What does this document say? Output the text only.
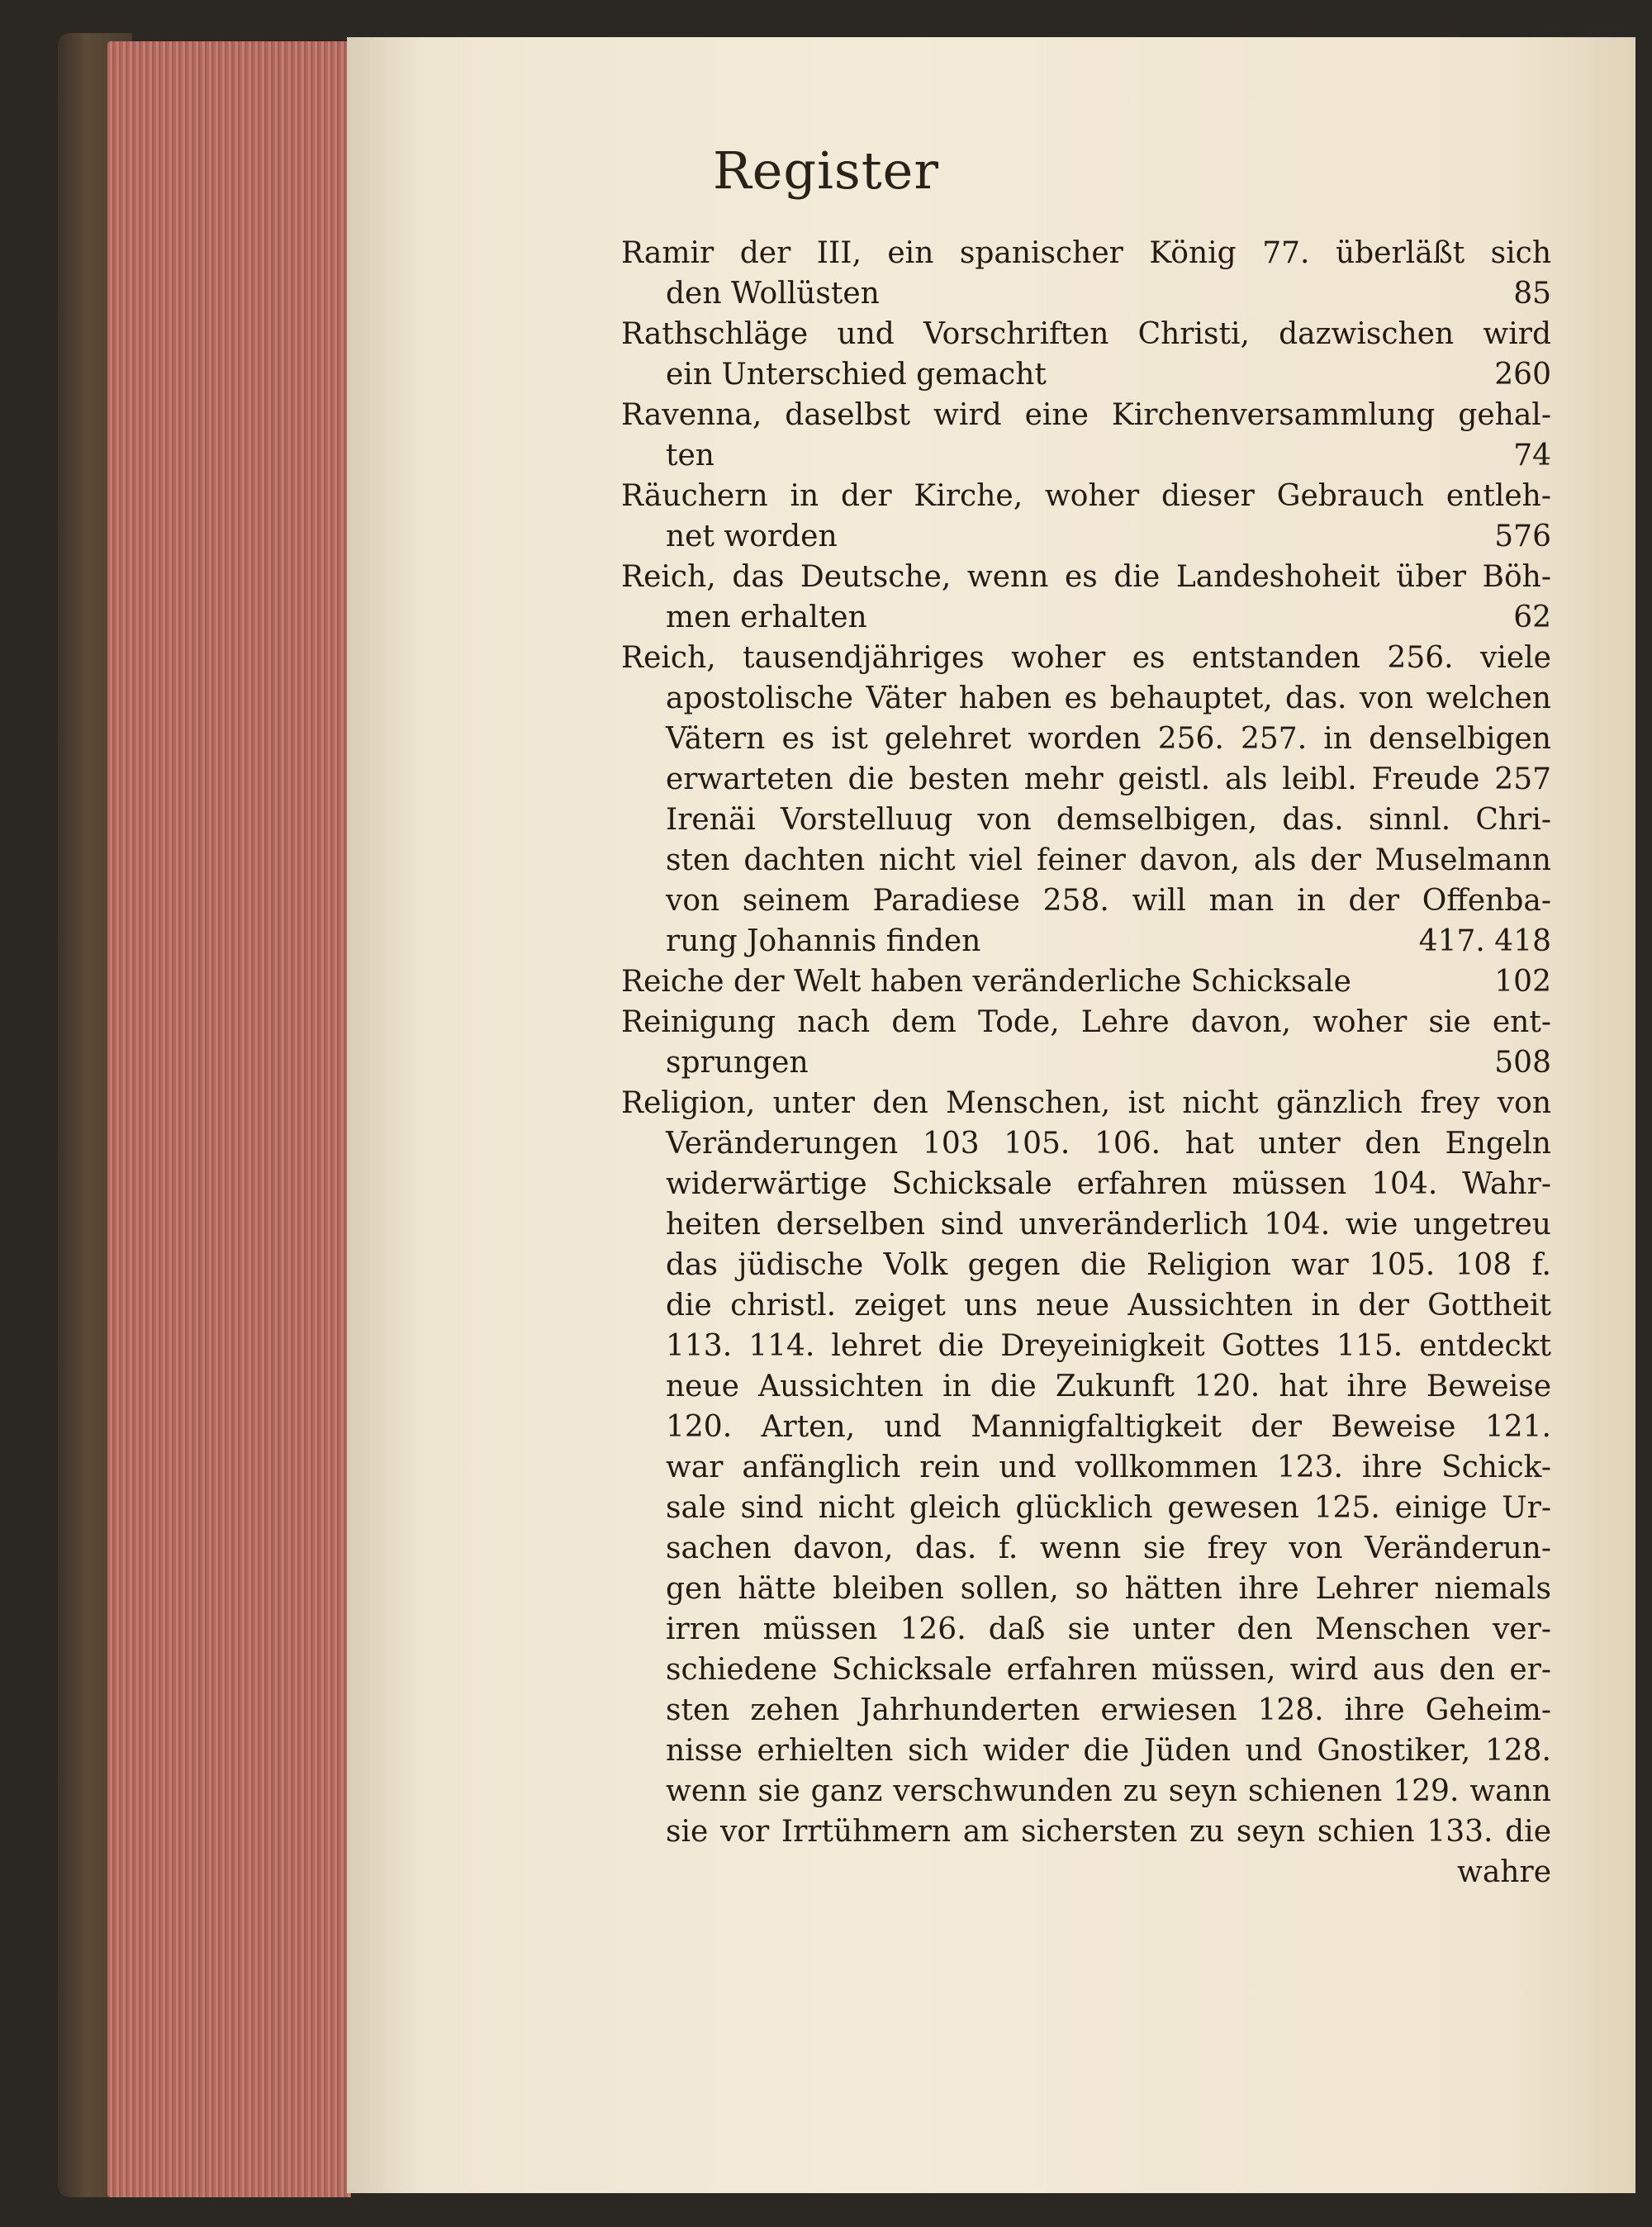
Register
Ramir der III, ein spanischer König 77. überläßt sich
den Wollüsten	85
Rathschläge und Vorschriften Christi, dazwischen wird
ein Unterschied gemacht	260
Ravenna, daselbst wird eine Kirchenversammlung gehal-
ten	74
Räuchern in der Kirche, woher dieser Gebrauch entleh-
net worden	576
Reich, das Deutsche, wenn es die Landeshoheit über Böh-
men erhalten	62
Reich, tausendjähriges woher es entstanden 256. viele
apostolische Väter haben es behauptet, das. von welchen
Vätern es ist gelehret worden 256. 257. in denselbigen
erwarteten die besten mehr geistl. als leibl. Freude 257
Irenäi Vorstelluug von demselbigen, das. sinnl. Chri-
sten dachten nicht viel feiner davon, als der Muselmann
von seinem Paradiese 258. will man in der Offenba-
rung Johannis finden	417. 418
Reiche der Welt haben veränderliche Schicksale	102
Reinigung nach dem Tode, Lehre davon, woher sie ent-
sprungen	508
Religion, unter den Menschen, ist nicht gänzlich frey von
Veränderungen 103 105. 106. hat unter den Engeln
widerwärtige Schicksale erfahren müssen 104. Wahr-
heiten derselben sind unveränderlich 104. wie ungetreu
das jüdische Volk gegen die Religion war 105. 108 f.
die christl. zeiget uns neue Aussichten in der Gottheit
113. 114. lehret die Dreyeinigkeit Gottes 115. entdeckt
neue Aussichten in die Zukunft 120. hat ihre Beweise
120. Arten, und Mannigfaltigkeit der Beweise 121.
war anfänglich rein und vollkommen 123. ihre Schick-
sale sind nicht gleich glücklich gewesen 125. einige Ur-
sachen davon, das. f. wenn sie frey von Veränderun-
gen hätte bleiben sollen, so hätten ihre Lehrer niemals
irren müssen 126. daß sie unter den Menschen ver-
schiedene Schicksale erfahren müssen, wird aus den er-
sten zehen Jahrhunderten erwiesen 128. ihre Geheim-
nisse erhielten sich wider die Jüden und Gnostiker, 128.
wenn sie ganz verschwunden zu seyn schienen 129. wann
sie vor Irrtühmern am sichersten zu seyn schien 133. die
wahre
